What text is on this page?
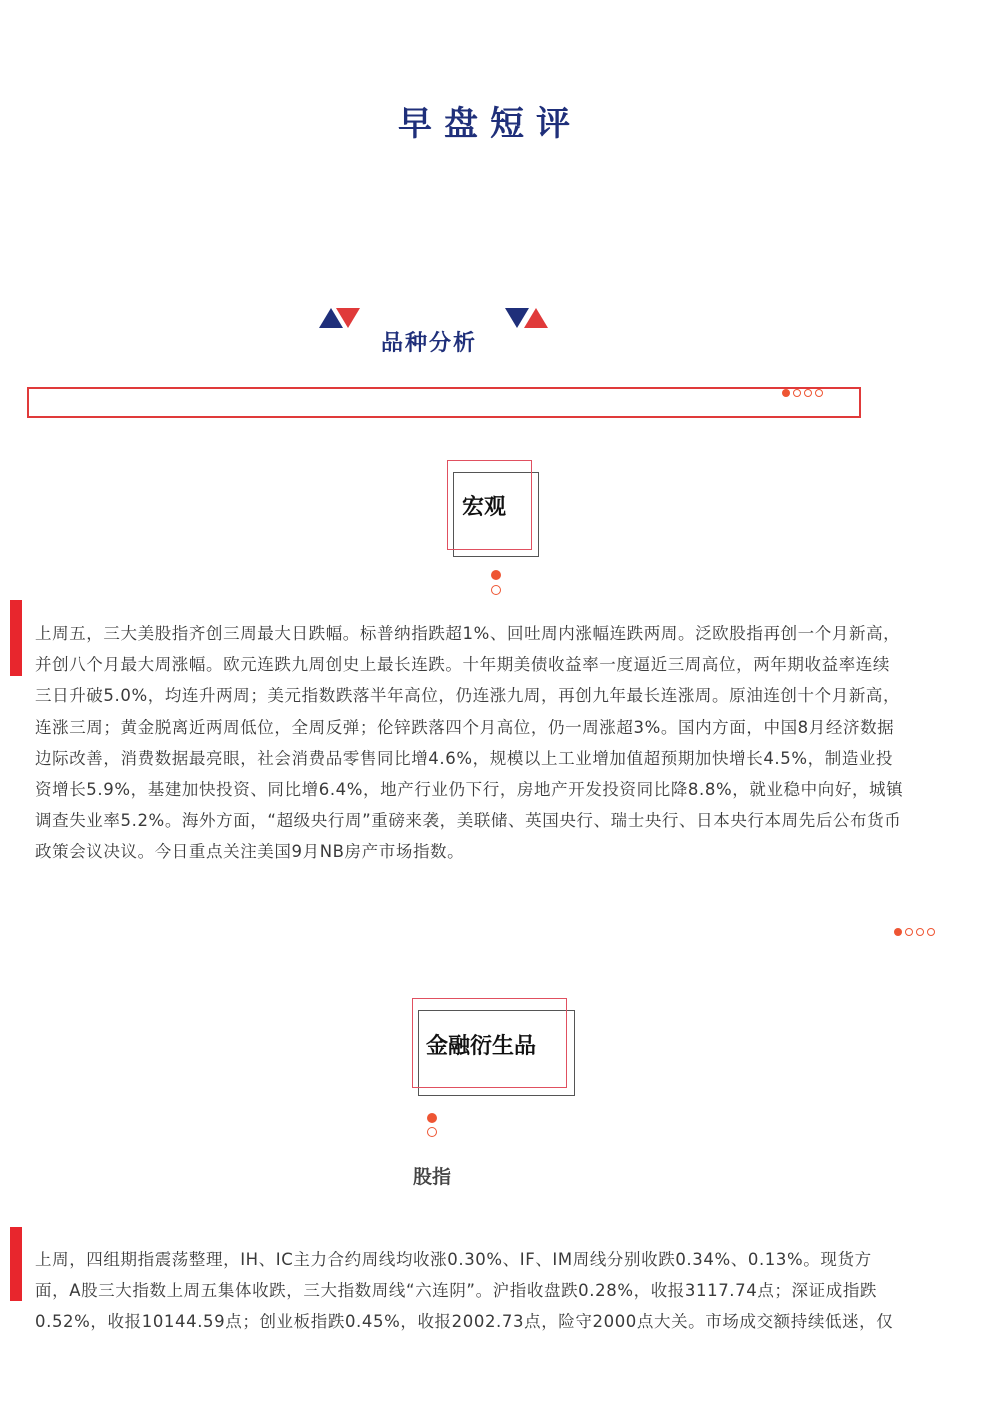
早盘短评
品种分析
宏观
上周五，三大美股指齐创三周最大日跌幅。标普纳指跌超1%、回吐周内涨幅连跌两周。泛欧股指再创一个月新高，
并创八个月最大周涨幅。欧元连跌九周创史上最长连跌。十年期美债收益率一度逼近三周高位，两年期收益率连续
三日升破5.0%，均连升两周；美元指数跌落半年高位，仍连涨九周，再创九年最长连涨周。原油连创十个月新高，
连涨三周；黄金脱离近两周低位，全周反弹；伦锌跌落四个月高位，仍一周涨超3%。国内方面，中国8月经济数据
边际改善，消费数据最亮眼，社会消费品零售同比增4.6%，规模以上工业增加值超预期加快增长4.5%，制造业投
资增长5.9%，基建加快投资、同比增6.4%，地产行业仍下行，房地产开发投资同比降8.8%，就业稳中向好，城镇
调查失业率5.2%。海外方面，“超级央行周”重磅来袭，美联储、英国央行、瑞士央行、日本央行本周先后公布货币
政策会议决议。今日重点关注美国9月NB房产市场指数。
金融衍生品
股指
上周，四组期指震荡整理，IH、IC主力合约周线均收涨0.30%、IF、IM周线分别收跌0.34%、0.13%。现货方
面，A股三大指数上周五集体收跌，三大指数周线“六连阴”。沪指收盘跌0.28%，收报3117.74点；深证成指跌
0.52%，收报10144.59点；创业板指跌0.45%，收报2002.73点，险守2000点大关。市场成交额持续低迷，仅
